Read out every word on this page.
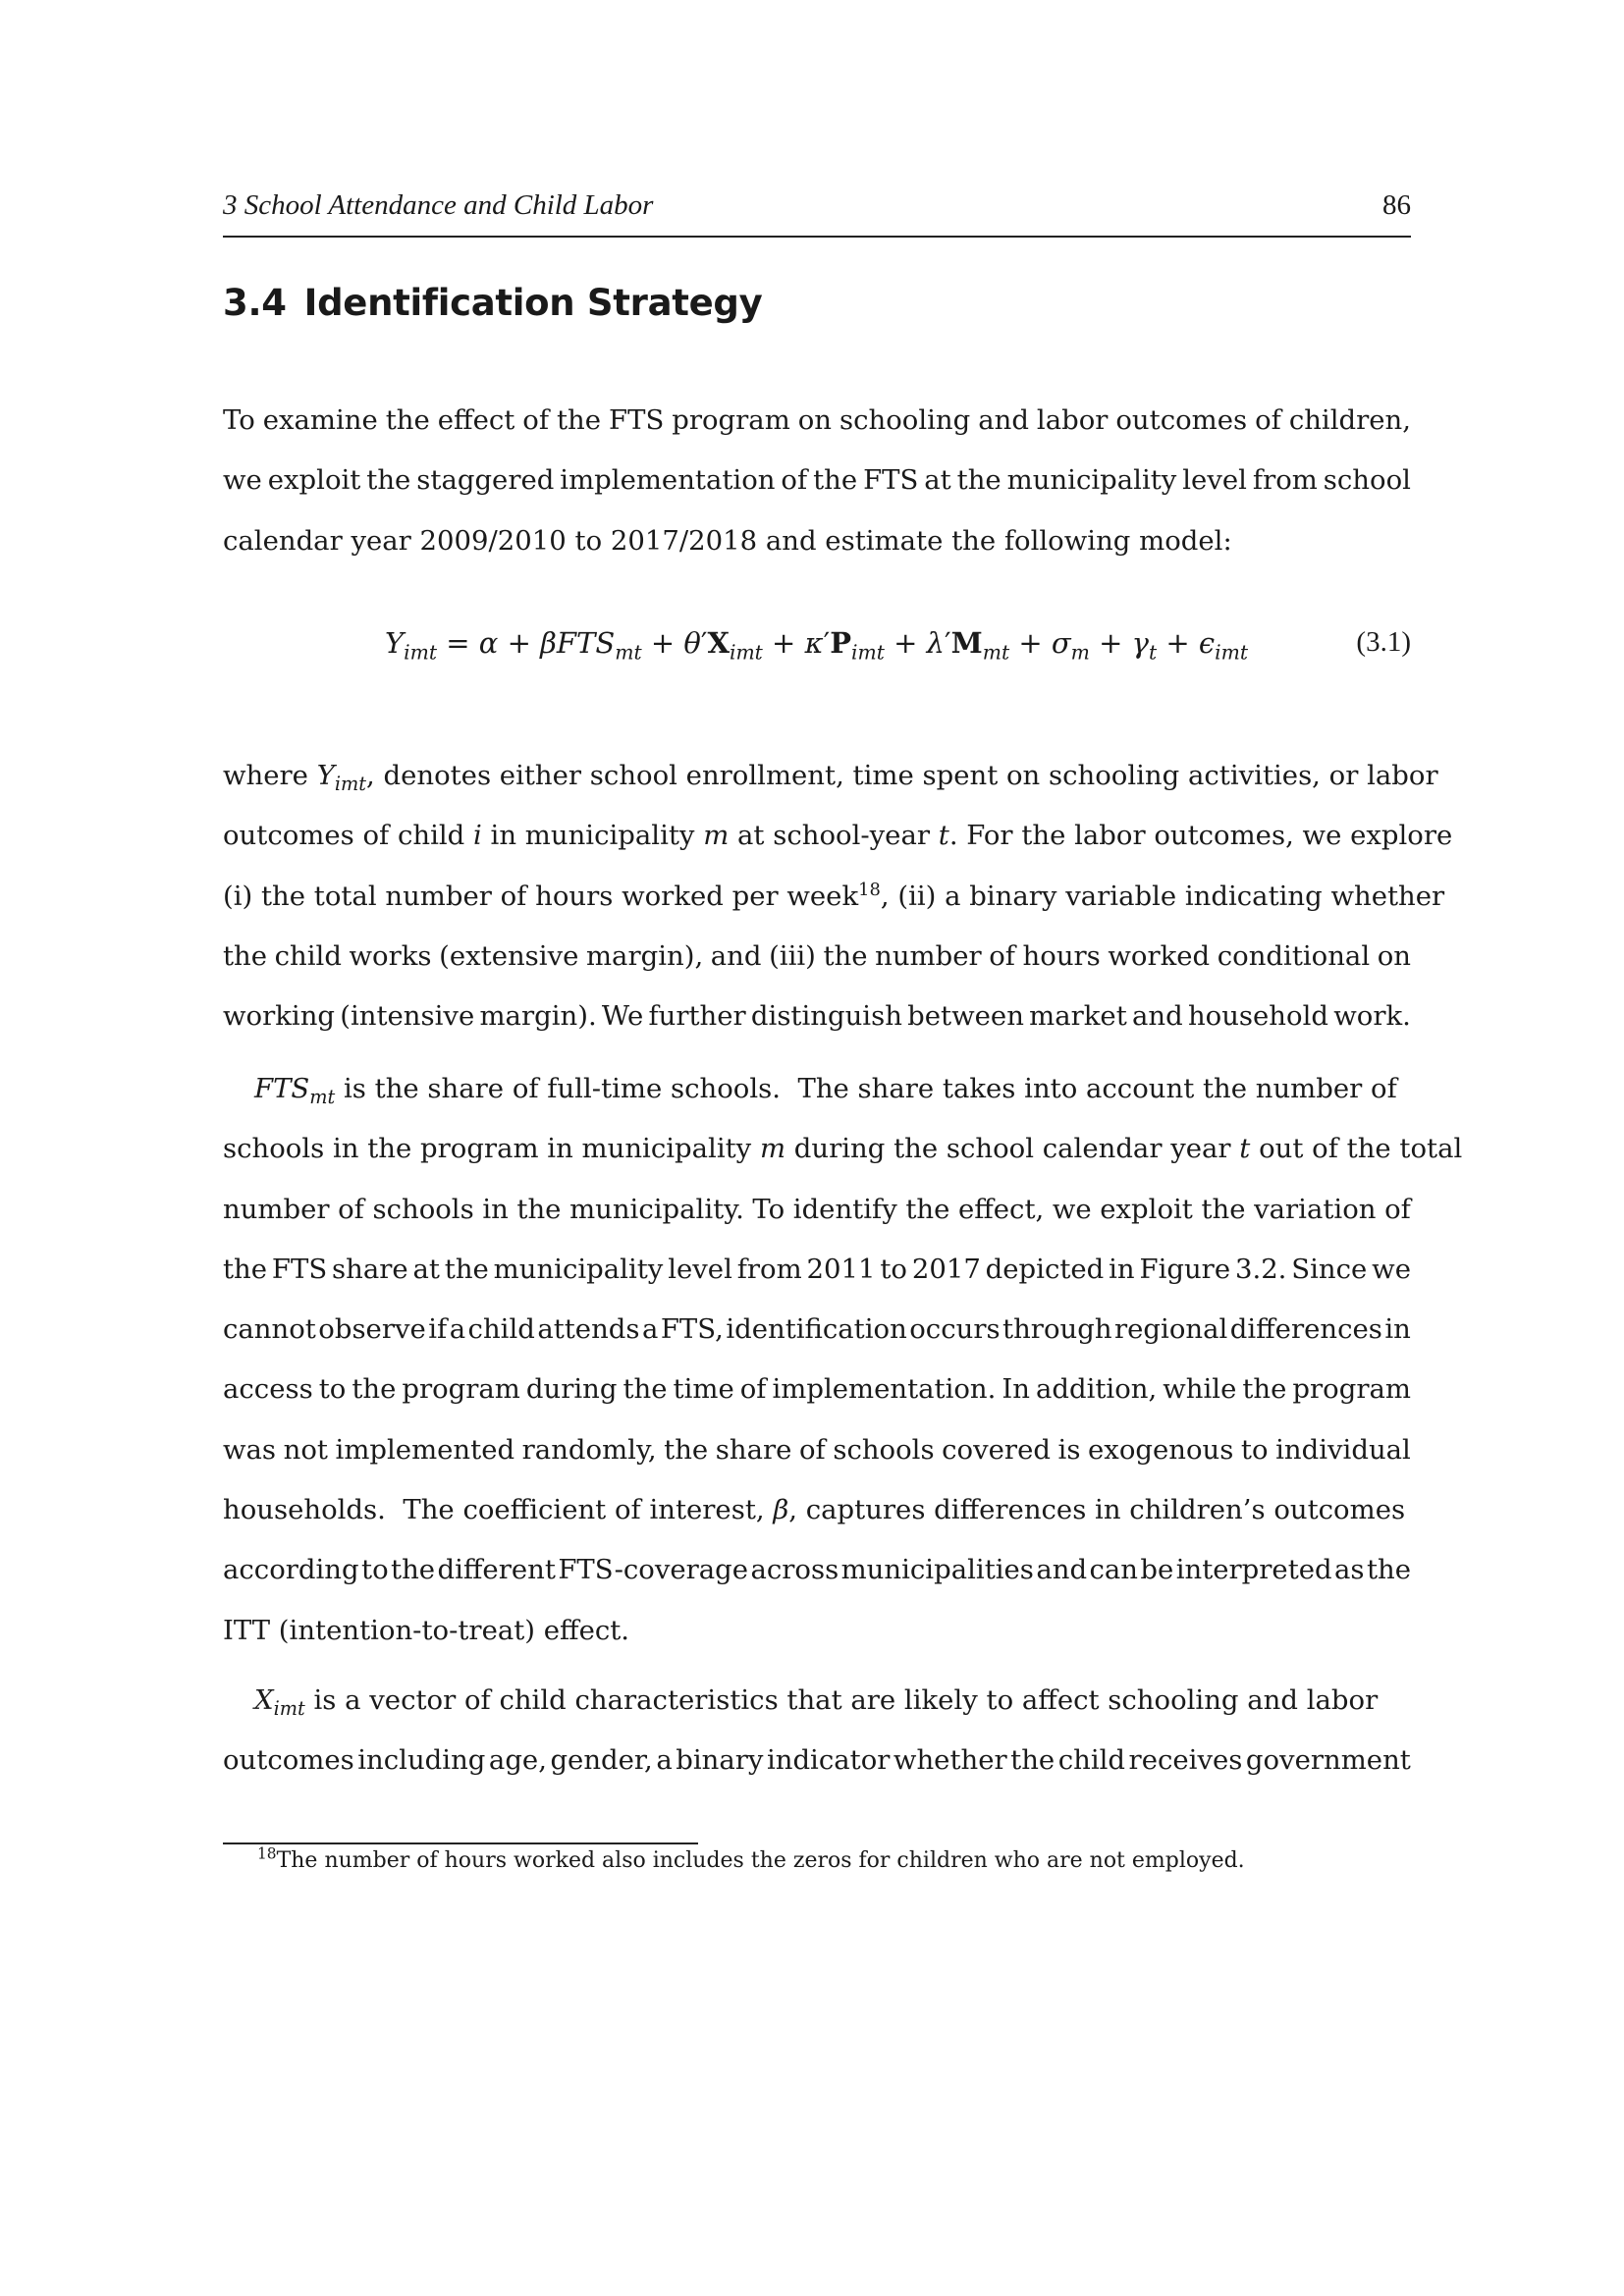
3 School Attendance and Child Labor	86
3.4 Identification Strategy
To examine the effect of the FTS program on schooling and labor outcomes of children,
we exploit the staggered implementation of the FTS at the municipality level from school
calendar year 2009/2010 to 2017/2018 and estimate the following model:
$Y_{imt} = \alpha + \beta FTS_{mt} + \theta'X_{imt} + \kappa'P_{imt} + \lambda'M_{mt} + \sigma_m + \gamma_t + \epsilon_{imt}$	(3.1)
where $Y_{imt}$, denotes either school enrollment, time spent on schooling activities, or labor
outcomes of child i in municipality m at school-year t. For the labor outcomes, we explore
(i) the total number of hours worked per week$^{18}$, (ii) a binary variable indicating whether
the child works (extensive margin), and (iii) the number of hours worked conditional on
working (intensive margin). We further distinguish between market and household work.
$FTS_{mt}$ is the share of full-time schools.  The share takes into account the number of
schools in the program in municipality m during the school calendar year t out of the total
number of schools in the municipality. To identify the effect, we exploit the variation of
the FTS share at the municipality level from 2011 to 2017 depicted in Figure 3.2. Since we
cannot observe if a child attends a FTS, identification occurs through regional differences in
access to the program during the time of implementation. In addition, while the program
was not implemented randomly, the share of schools covered is exogenous to individual
households.  The coefficient of interest, β, captures differences in children’s outcomes
according to the different FTS-coverage across municipalities and can be interpreted as the
ITT (intention-to-treat) effect.
$X_{imt}$ is a vector of child characteristics that are likely to affect schooling and labor
outcomes including age, gender, a binary indicator whether the child receives government
$^{18}$The number of hours worked also includes the zeros for children who are not employed.
